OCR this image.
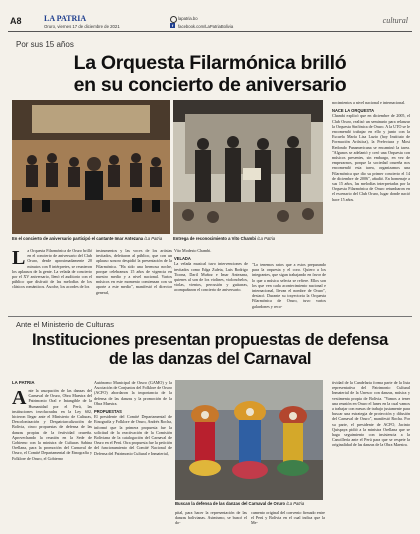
A8	LA PATRIA
Oruro, viernes 17 de diciembre de 2021
lapatria.bo
f	facebook.com/LaPatriaBolivia
cultural
Por sus 15 años
La Orquesta Filarmónica brilló
en su concierto de aniversario
En el concierto de aniversario participó el cantante Imar Antezana /La Patria	Entrega de reconocimiento a Vito Chambi /La Patria
La Orquesta Filarmónica de Oruro brilló en el concierto de aniversario del Club Oruro, desde aproximadamente 20 minutos con 8 intérpretes, se reunieron los aplausos de la gente. La velada de concierto por el XV aniversario, llenó el auditorio con el público que disfrutó de las melodías de los clásicos románticos. Asoche, los acordes de los
instrumentos y las voces de los artistas invitados, deleitaron al público, que con un aplauso sonoro despidió la presentación de la Filarmónica. "Ha sido una hermosa noche, porque celebramos 15 años de vigencia en nuestro medio y a nivel nacional. Varios músicos en este momento comienzan con su aporte a este medio", manifestó el director general,
Vito Modesto Chambi.
VELADA
La velada musical tuvo intervenciones de invitados como Edga Zuleta, Luis Rodrigo Ticona, Daril Muñoz e Imar Antezana, quienes al son de los violines, violonchelos, violas, vientos, percusión y guitarras, acompañaron el concierto de aniversario.
"Lo tenemos ratos que a estos preparando para la orquesta y el coro. Quiero a los integrantes, que sigan trabajando en favor de lo que a música selecta se refiere. Ellos son los que ven cada acontecimiento nacional e internacional, llevan el nombre de Oruro", destacó. Durante su trayectoria la Orquesta Filarmónica de Oruro, tuvo varios galardones y reco-
nocimientos a nivel nacional e internacional.
NACE LA ORQUESTA
Chambi explicó que en diciembre de 2005, el Club Oruro, realizó un seminario para relanzar la Orquesta Sinfónica de Oruro. A la UTO se le encomendó trabajar en ello y junto con la Escuela María Lisa Luzio (hoy Instituto de Formación Artística), la Prefectura y Mosi Redondo Panamericana se encaminó la tarea. "Algunos se adelantó y creó una Orquesta con músicos presentes, sin embargo, en vez de empezarnos, porque la sociedad orureña nos encomendó esta tarea, organizamos una Filarmónica que dio su primer concierto el 14 de diciembre de 2006", añadió. En homenaje a sus 15 años, las melodías interpretadas por la Orquesta Filarmónica de Oruro retumbaron en el escenario del Club Oruro, lugar donde nació hace 15 años.
Ante el Ministerio de Culturas
Instituciones presentan propuestas de defensa
de las danzas del Carnaval
LA PATRIA
Ante la usurpación de las danzas del Carnaval de Oruro, Obra Maestra del Patrimonio Oral e Intangible de la Humanidad por el Perú, las instituciones involucradas en la Ley 602, hicieron llegar ante el Ministerio de Culturas, Descolonización y Despatriarcalización de Bolivia, cinco propuestas de defensa de las danzas propias de la festividad orureña. Aprovechando la reunión en la Sede de Gobierno con la ministra de Culturas Sabina Orellana, para la promoción del Carnaval de Oruro, el Comité Departamental de Etnografía y Folklore de Oruro, el Gobierno
Autónomo Municipal de Oruro (GAMO) y la Asociación de Conjuntos del Folklore de Oruro (ACFO) abordaron la importancia de la defensa de las danzas y la promoción de la Obra Maestra.
PROPUESTAS
El presidente del Comité Departamental de Etnografía y Folklore de Oruro, Andrés Rocha, informó que la primera propuesta fue la solicitud de la reactivación de la Comisión Boliviana de la catalogación del Carnaval de Oruro en el Perú. Otra propuesta fue la petición del funcionamiento del Comité Nacional de Defensa del Patrimonio Cultural e Inmaterial,
Buscan la defensa de las danzas del Carnaval de Oruro /La Patria
pital, para hacer la representación de las danzas bolivianas. Asimismo, se buscó el do-
cumento original del convenio firmado entre el Perú y Bolivia en el cual indica que la Me-
tividad de la Candelaria forma parte de la lista representativa del Patrimonio Cultural Inmaterial de la Unesco con danzas, música y vestimenta propia de Bolivia. "Vamos a tener una reunión en Oruro el lunes en la cual vamos a trabajar con mesas de trabajo justamente para buscar una estrategia de protección y difusión del Carnaval de Oruro", manifestó Rocha. Por su parte, el presidente de ACFO, Jacinto Quispaya pidió a la ministra Orellana que se haga seguimiento con insistencia a la Cancillería ante el Perú para que se respete la originalidad de las danzas de la Obra Maestra.
